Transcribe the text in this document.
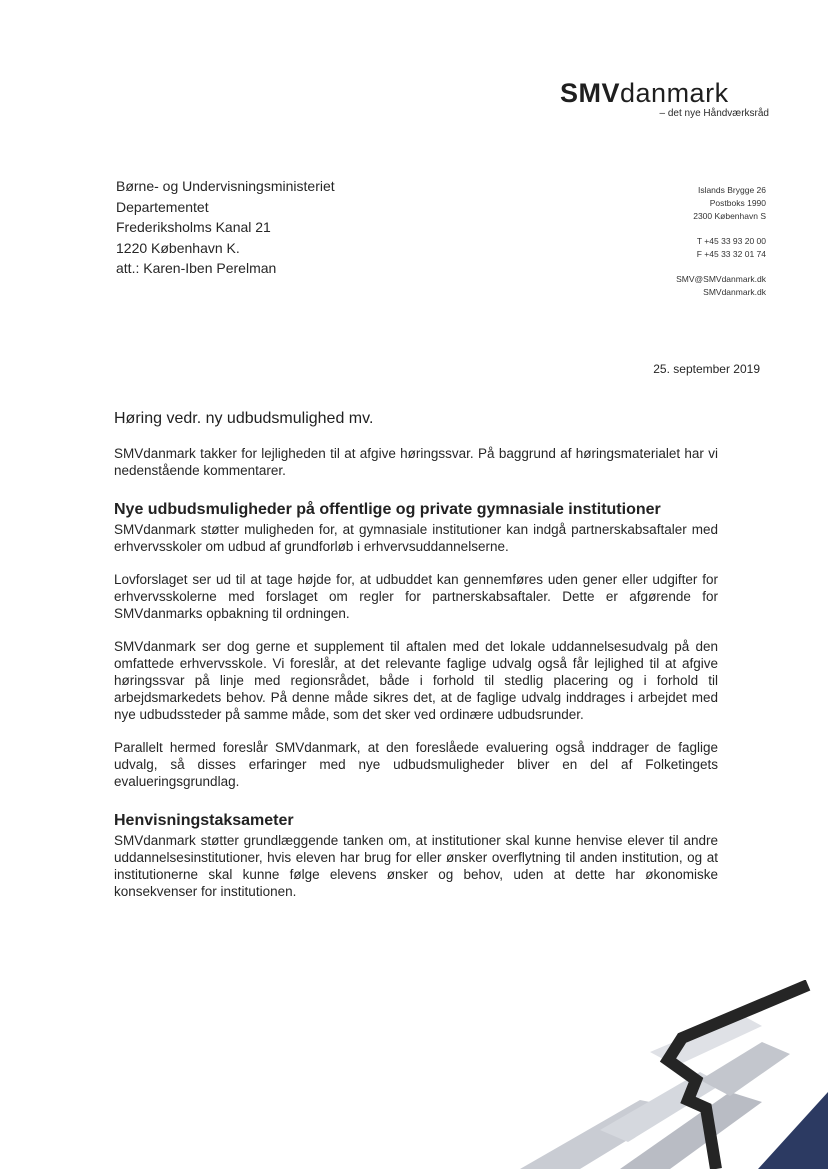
SMVdanmark
– det nye Håndværksråd
Børne- og Undervisningsministeriet
Departementet
Frederiksholms Kanal 21
1220 København K.
att.: Karen-Iben Perelman
Islands Brygge 26
Postboks 1990
2300 København S
T +45 33 93 20 00
F +45 33 32 01 74
SMV@SMVdanmark.dk
SMVdanmark.dk
25. september 2019
Høring vedr. ny udbudsmulighed mv.

SMVdanmark takker for lejligheden til at afgive høringssvar. På baggrund af høringsmaterialet har vi nedenstående kommentarer.

Nye udbudsmuligheder på offentlige og private gymnasiale institutioner

SMVdanmark støtter muligheden for, at gymnasiale institutioner kan indgå partnerskabsaftaler med erhvervsskoler om udbud af grundforløb i erhvervsuddannelserne.

Lovforslaget ser ud til at tage højde for, at udbuddet kan gennemføres uden gener eller udgifter for erhvervsskolerne med forslaget om regler for partnerskabsaftaler. Dette er afgørende for SMVdanmarks opbakning til ordningen.

SMVdanmark ser dog gerne et supplement til aftalen med det lokale uddannelsesudvalg på den omfattede erhvervsskole. Vi foreslår, at det relevante faglige udvalg også får lejlighed til at afgive høringssvar på linje med regionsrådet, både i forhold til stedlig placering og i forhold til arbejdsmarkedets behov. På denne måde sikres det, at de faglige udvalg inddrages i arbejdet med nye udbudssteder på samme måde, som det sker ved ordinære udbudsrunder.

Parallelt hermed foreslår SMVdanmark, at den foreslåede evaluering også inddrager de faglige udvalg, så disses erfaringer med nye udbudsmuligheder bliver en del af Folketingets evalueringsgrundlag.

Henvisningstaksameter

SMVdanmark støtter grundlæggende tanken om, at institutioner skal kunne henvise elever til andre uddannelsesinstitutioner, hvis eleven har brug for eller ønsker overflytning til anden institution, og at institutionerne skal kunne følge elevens ønsker og behov, uden at dette har økonomiske konsekvenser for institutionen.
